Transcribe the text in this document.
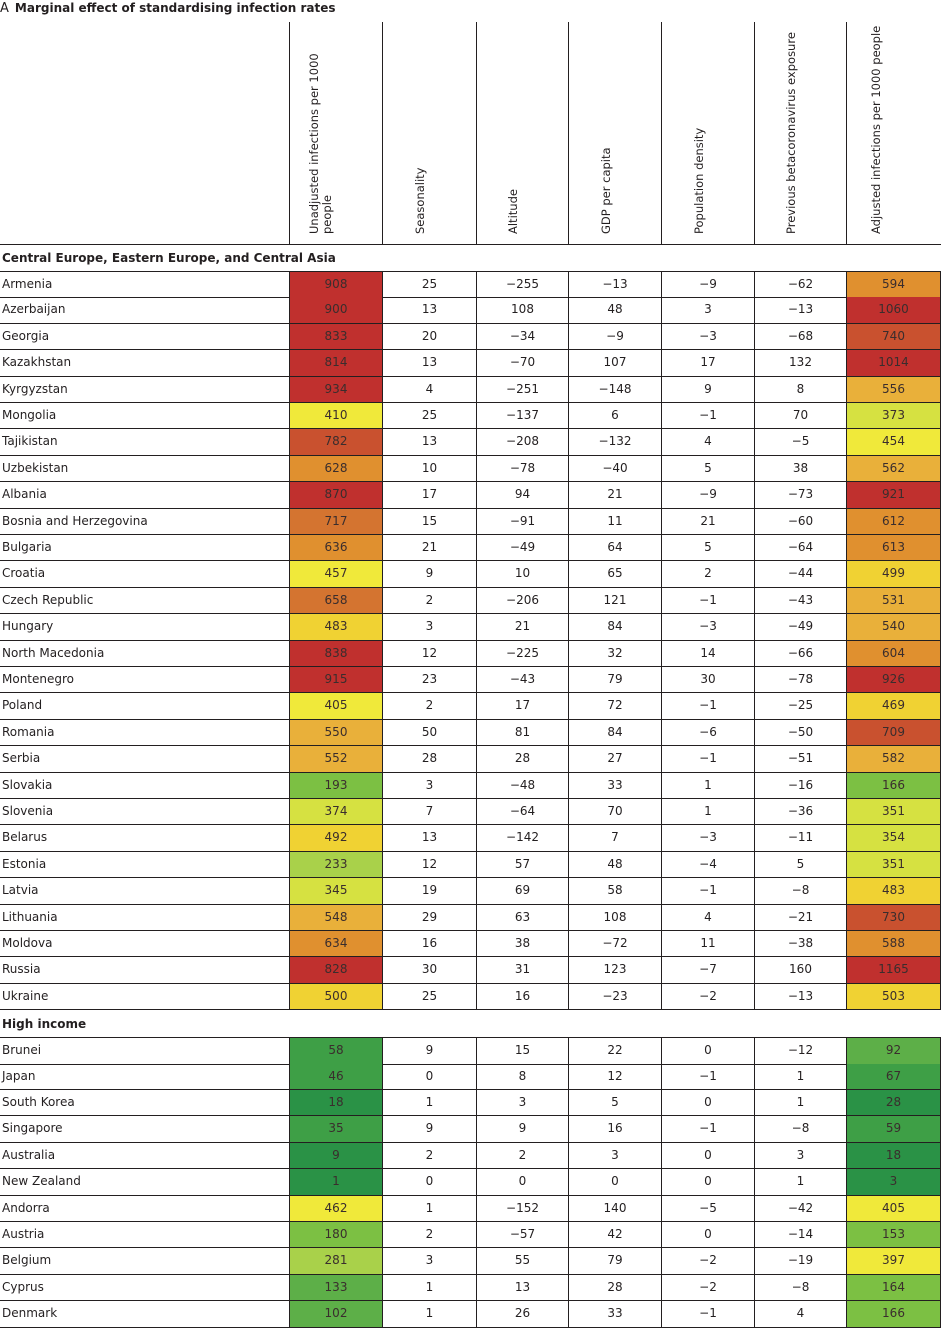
A Marginal effect of standardising infection rates
Unadjusted infections per 1000 people	Seasonality	Altitude	GDP per capita	Population density	Previous betacoronavirus exposure	Adjusted infections per 1000 people
Central Europe, Eastern Europe, and Central Asia
Armenia	908	25	−255	−13	−9	−62	594
Azerbaijan	900	13	108	48	3	−13	1060
Georgia	833	20	−34	−9	−3	−68	740
Kazakhstan	814	13	−70	107	17	132	1014
Kyrgyzstan	934	4	−251	−148	9	8	556
Mongolia	410	25	−137	6	−1	70	373
Tajikistan	782	13	−208	−132	4	−5	454
Uzbekistan	628	10	−78	−40	5	38	562
Albania	870	17	94	21	−9	−73	921
Bosnia and Herzegovina	717	15	−91	11	21	−60	612
Bulgaria	636	21	−49	64	5	−64	613
Croatia	457	9	10	65	2	−44	499
Czech Republic	658	2	−206	121	−1	−43	531
Hungary	483	3	21	84	−3	−49	540
North Macedonia	838	12	−225	32	14	−66	604
Montenegro	915	23	−43	79	30	−78	926
Poland	405	2	17	72	−1	−25	469
Romania	550	50	81	84	−6	−50	709
Serbia	552	28	28	27	−1	−51	582
Slovakia	193	3	−48	33	1	−16	166
Slovenia	374	7	−64	70	1	−36	351
Belarus	492	13	−142	7	−3	−11	354
Estonia	233	12	57	48	−4	5	351
Latvia	345	19	69	58	−1	−8	483
Lithuania	548	29	63	108	4	−21	730
Moldova	634	16	38	−72	11	−38	588
Russia	828	30	31	123	−7	160	1165
Ukraine	500	25	16	−23	−2	−13	503
High income
Brunei	58	9	15	22	0	−12	92
Japan	46	0	8	12	−1	1	67
South Korea	18	1	3	5	0	1	28
Singapore	35	9	9	16	−1	−8	59
Australia	9	2	2	3	0	3	18
New Zealand	1	0	0	0	0	1	3
Andorra	462	1	−152	140	−5	−42	405
Austria	180	2	−57	42	0	−14	153
Belgium	281	3	55	79	−2	−19	397
Cyprus	133	1	13	28	−2	−8	164
Denmark	102	1	26	33	−1	4	166
